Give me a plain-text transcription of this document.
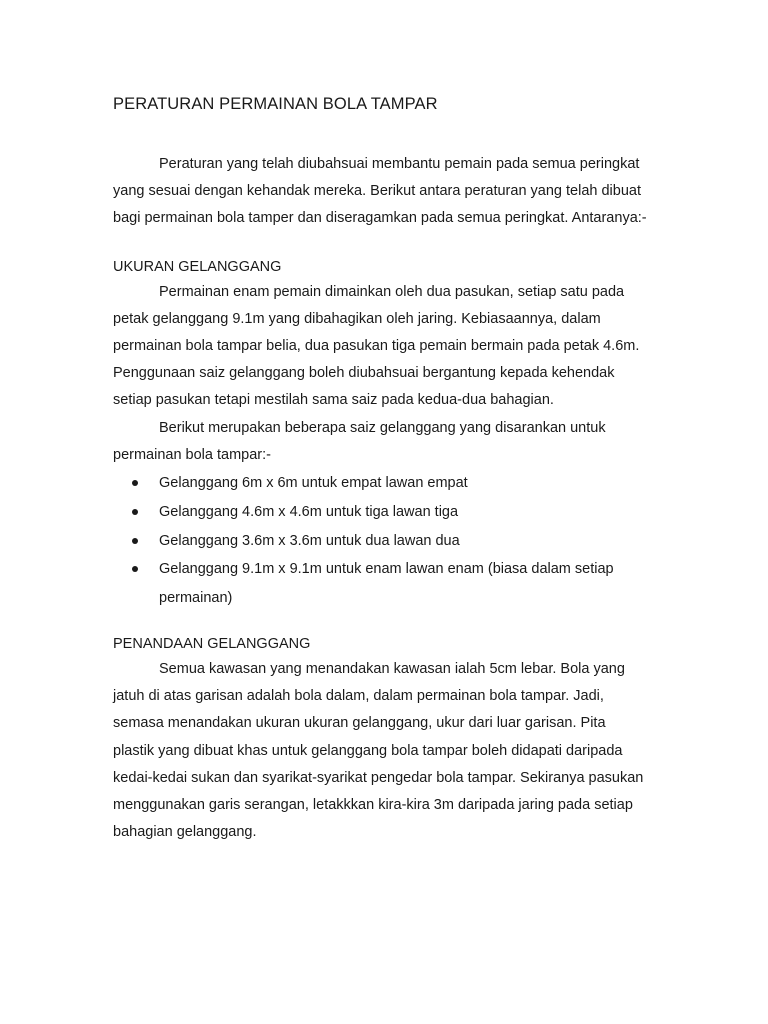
PERATURAN PERMAINAN BOLA TAMPAR

Peraturan yang telah diubahsuai membantu pemain pada semua peringkat yang sesuai dengan kehandak mereka. Berikut antara peraturan yang telah dibuat bagi permainan bola tamper dan diseragamkan pada semua peringkat. Antaranya:-

UKURAN GELANGGANG

Permainan enam pemain dimainkan oleh dua pasukan, setiap satu pada petak gelanggang 9.1m yang dibahagikan oleh jaring. Kebiasaannya, dalam permainan bola tampar belia, dua pasukan tiga pemain bermain pada petak 4.6m. Penggunaan saiz gelanggang boleh diubahsuai bergantung kepada kehendak setiap pasukan tetapi mestilah sama saiz pada kedua-dua bahagian.

Berikut merupakan beberapa saiz gelanggang yang disarankan untuk permainan bola tampar:-

Gelanggang 6m x 6m untuk empat lawan empat
Gelanggang 4.6m x 4.6m untuk tiga lawan tiga
Gelanggang 3.6m x 3.6m untuk dua lawan dua
Gelanggang 9.1m x 9.1m untuk enam lawan enam (biasa dalam setiap permainan)
PENANDAAN GELANGGANG

Semua kawasan yang menandakan kawasan ialah 5cm lebar. Bola yang jatuh di atas garisan adalah bola dalam, dalam permainan bola tampar. Jadi, semasa menandakan ukuran ukuran gelanggang, ukur dari luar garisan. Pita plastik yang dibuat khas untuk gelanggang bola tampar boleh didapati daripada kedai-kedai sukan dan syarikat-syarikat pengedar bola tampar. Sekiranya pasukan menggunakan garis serangan, letakkkan kira-kira 3m daripada jaring pada setiap bahagian gelanggang.
